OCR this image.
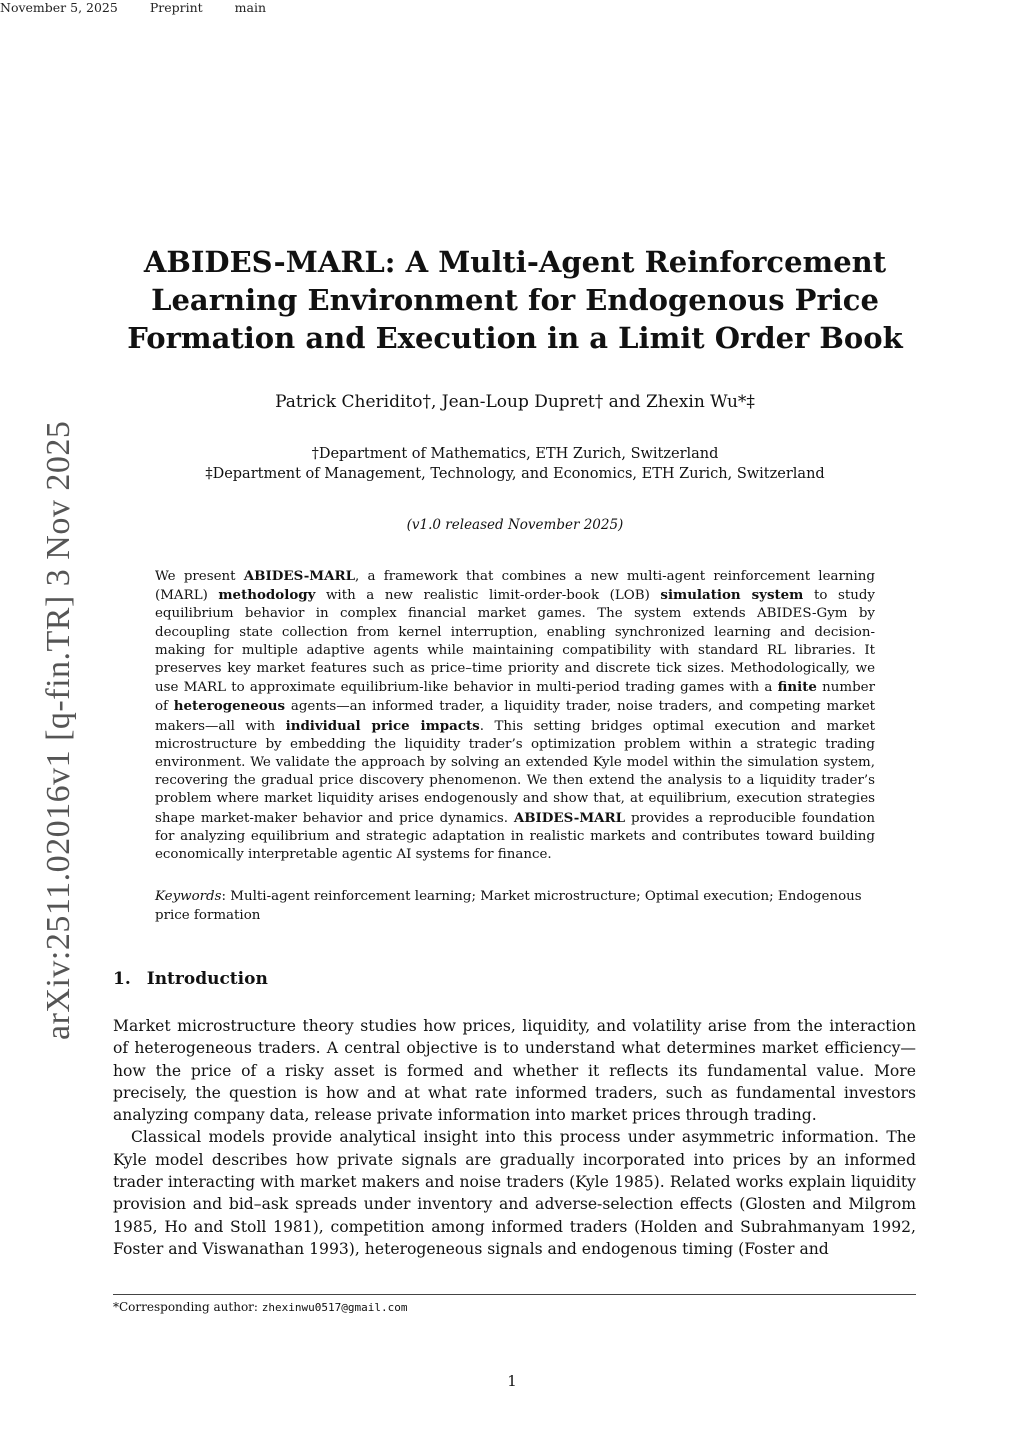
November 5, 2025	Preprint	main
arXiv:2511.02016v1 [q-fin.TR] 3 Nov 2025
ABIDES-MARL: A Multi-Agent Reinforcement
Learning Environment for Endogenous Price
Formation and Execution in a Limit Order Book
Patrick Cheridito†, Jean-Loup Dupret† and Zhexin Wu*‡
†Department of Mathematics, ETH Zurich, Switzerland
‡Department of Management, Technology, and Economics, ETH Zurich, Switzerland
(v1.0 released November 2025)
We present ABIDES-MARL, a framework that combines a new multi-agent reinforcement learning (MARL) methodology with a new realistic limit-order-book (LOB) simulation system to study equilibrium behavior in complex financial market games. The system extends ABIDES-Gym by decoupling state collection from kernel interruption, enabling synchronized learning and decision-making for multiple adaptive agents while maintaining compatibility with standard RL libraries. It preserves key market features such as price–time priority and discrete tick sizes. Methodologically, we use MARL to approximate equilibrium-like behavior in multi-period trading games with a finite number of heterogeneous agents—an informed trader, a liquidity trader, noise traders, and competing market makers—all with individual price impacts. This setting bridges optimal execution and market microstructure by embedding the liquidity trader’s optimization problem within a strategic trading environment. We validate the approach by solving an extended Kyle model within the simulation system, recovering the gradual price discovery phenomenon. We then extend the analysis to a liquidity trader’s problem where market liquidity arises endogenously and show that, at equilibrium, execution strategies shape market-maker behavior and price dynamics. ABIDES-MARL provides a reproducible foundation for analyzing equilibrium and strategic adaptation in realistic markets and contributes toward building economically interpretable agentic AI systems for finance.
Keywords: Multi-agent reinforcement learning; Market microstructure; Optimal execution; Endogenous price formation
1. Introduction

Market microstructure theory studies how prices, liquidity, and volatility arise from the interaction of heterogeneous traders. A central objective is to understand what determines market efficiency—how the price of a risky asset is formed and whether it reflects its fundamental value. More precisely, the question is how and at what rate informed traders, such as fundamental investors analyzing company data, release private information into market prices through trading.

Classical models provide analytical insight into this process under asymmetric information. The Kyle model describes how private signals are gradually incorporated into prices by an informed trader interacting with market makers and noise traders (Kyle 1985). Related works explain liquidity provision and bid–ask spreads under inventory and adverse-selection effects (Glosten and Milgrom 1985, Ho and Stoll 1981), competition among informed traders (Holden and Subrahmanyam 1992, Foster and Viswanathan 1993), heterogeneous signals and endogenous timing (Foster and

*Corresponding author: zhexinwu0517@gmail.com
1
